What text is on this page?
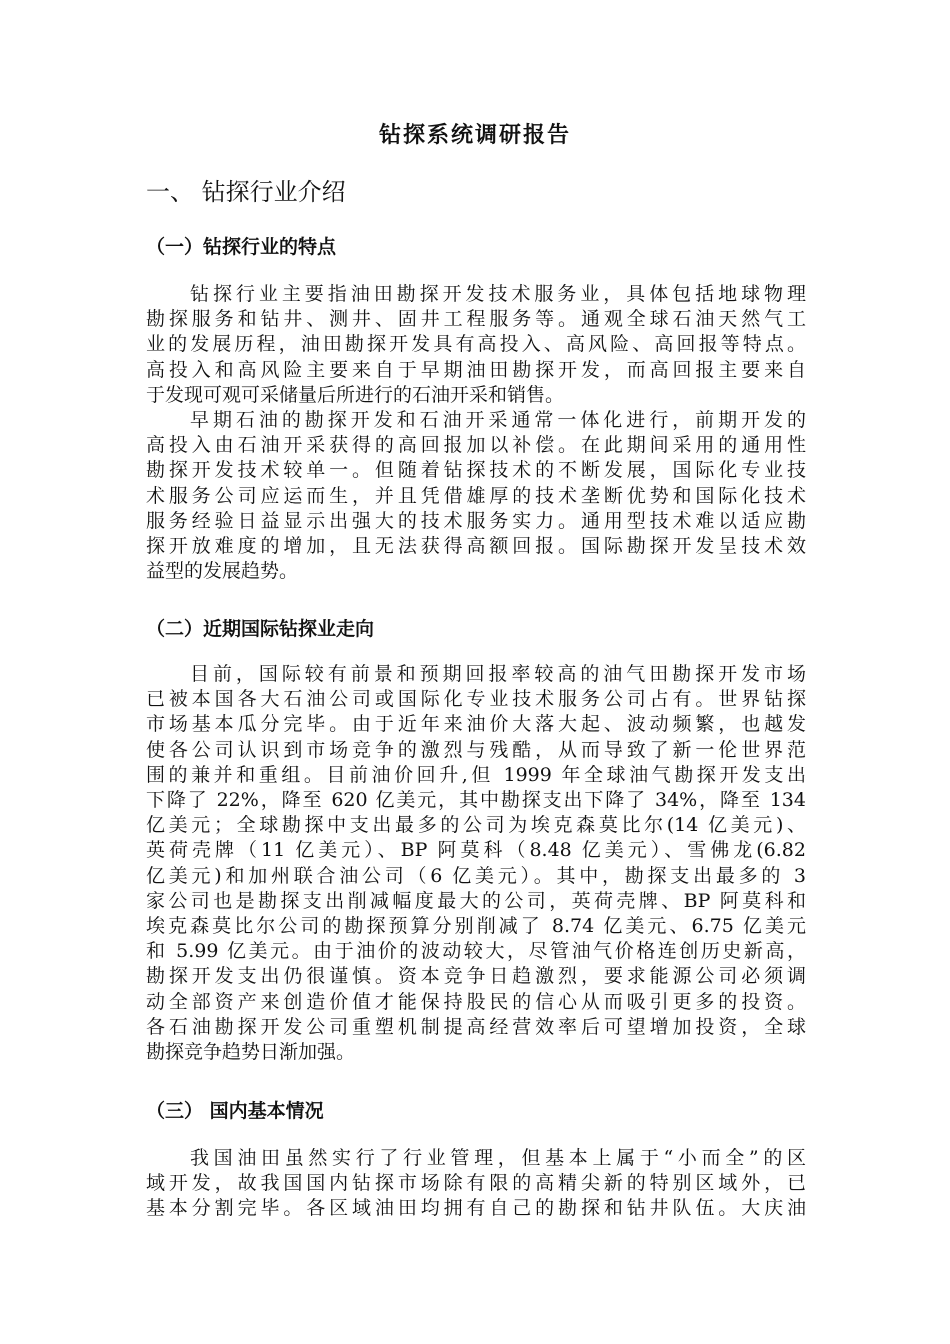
钻探系统调研报告
一、 钻探行业介绍
（一）钻探行业的特点
钻探行业主要指油田勘探开发技术服务业，具体包括地球物理
勘探服务和钻井、测井、固井工程服务等。通观全球石油天然气工
业的发展历程，油田勘探开发具有高投入、高风险、高回报等特点。
高投入和高风险主要来自于早期油田勘探开发，而高回报主要来自
于发现可观可采储量后所进行的石油开采和销售。
早期石油的勘探开发和石油开采通常一体化进行，前期开发的
高投入由石油开采获得的高回报加以补偿。在此期间采用的通用性
勘探开发技术较单一。但随着钻探技术的不断发展，国际化专业技
术服务公司应运而生，并且凭借雄厚的技术垄断优势和国际化技术
服务经验日益显示出强大的技术服务实力。通用型技术难以适应勘
探开放难度的增加，且无法获得高额回报。国际勘探开发呈技术效
益型的发展趋势。
（二）近期国际钻探业走向
目前，国际较有前景和预期回报率较高的油气田勘探开发市场
已被本国各大石油公司或国际化专业技术服务公司占有。世界钻探
市场基本瓜分完毕。由于近年来油价大落大起、波动频繁，也越发
使各公司认识到市场竞争的激烈与残酷，从而导致了新一伦世界范
围的兼并和重组。目前油价回升,但 1999 年全球油气勘探开发支出
下降了 22%，降至 620 亿美元，其中勘探支出下降了 34%，降至 134
亿美元；全球勘探中支出最多的公司为埃克森莫比尔(14 亿美元)、
英荷壳牌（11 亿美元）、BP 阿莫科（8.48 亿美元）、雪佛龙(6.82
亿美元)和加州联合油公司（6 亿美元）。其中，勘探支出最多的 3
家公司也是勘探支出削减幅度最大的公司，英荷壳牌、BP 阿莫科和
埃克森莫比尔公司的勘探预算分别削减了 8.74 亿美元、6.75 亿美元
和 5.99 亿美元。由于油价的波动较大，尽管油气价格连创历史新高，
勘探开发支出仍很谨慎。资本竞争日趋激烈，要求能源公司必须调
动全部资产来创造价值才能保持股民的信心从而吸引更多的投资。
各石油勘探开发公司重塑机制提高经营效率后可望增加投资，全球
勘探竞争趋势日渐加强。
（三） 国内基本情况
我国油田虽然实行了行业管理，但基本上属于“小而全”的区
域开发，故我国国内钻探市场除有限的高精尖新的特别区域外，已
基本分割完毕。各区域油田均拥有自己的勘探和钻井队伍。大庆油
